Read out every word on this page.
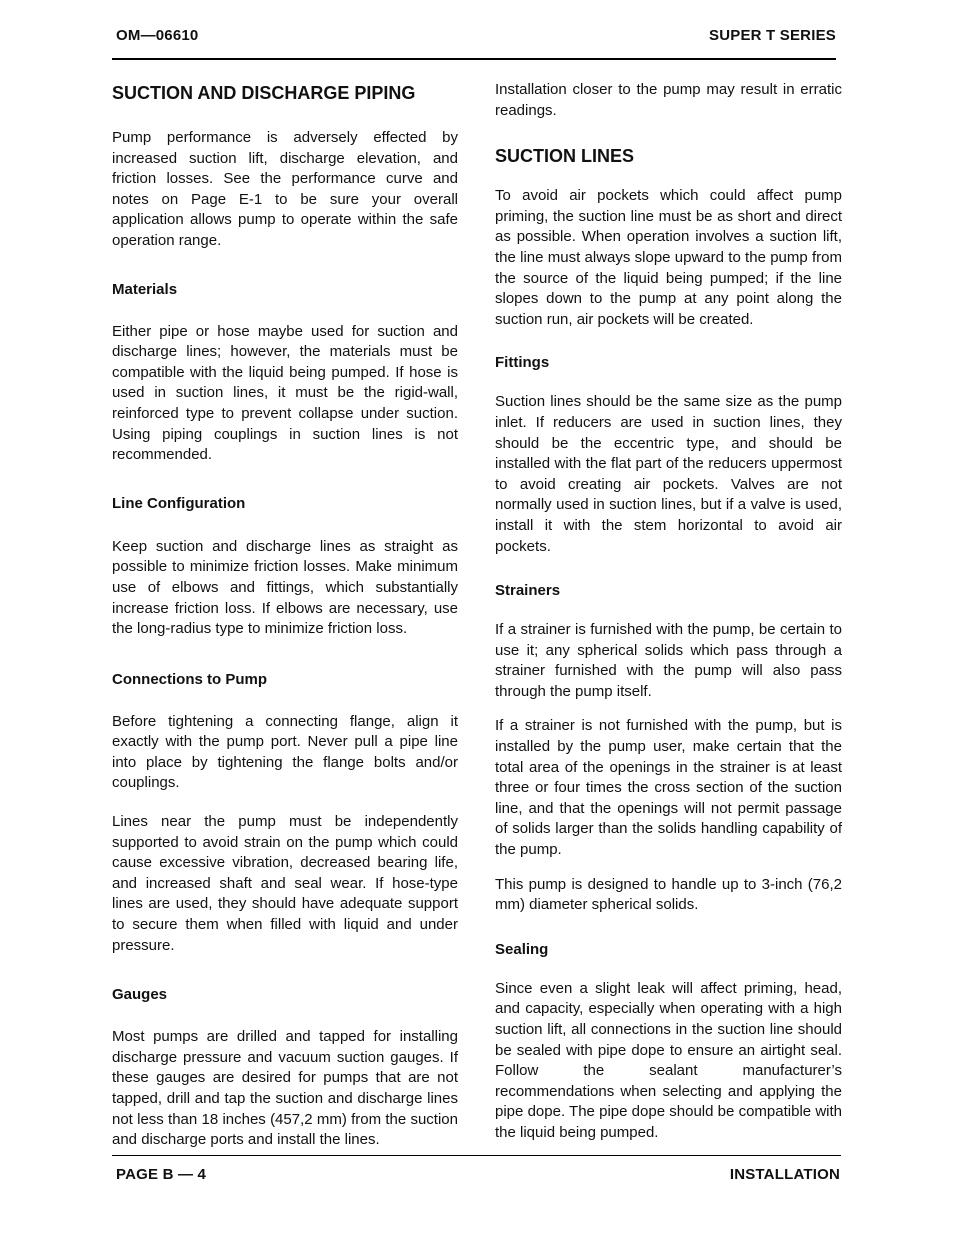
OM—06610	SUPER T SERIES
SUCTION AND DISCHARGE PIPING

Pump performance is adversely effected by increased suction lift, discharge elevation, and friction losses. See the performance curve and notes on Page E-1 to be sure your overall application allows pump to operate within the safe operation range.

Materials

Either pipe or hose maybe used for suction and discharge lines; however, the materials must be compatible with the liquid being pumped. If hose is used in suction lines, it must be the rigid-wall, reinforced type to prevent collapse under suction. Using piping couplings in suction lines is not recommended.

Line Configuration

Keep suction and discharge lines as straight as possible to minimize friction losses. Make minimum use of elbows and fittings, which substantially increase friction loss. If elbows are necessary, use the long-radius type to minimize friction loss.

Connections to Pump

Before tightening a connecting flange, align it exactly with the pump port. Never pull a pipe line into place by tightening the flange bolts and/or couplings.

Lines near the pump must be independently supported to avoid strain on the pump which could cause excessive vibration, decreased bearing life, and increased shaft and seal wear. If hose-type lines are used, they should have adequate support to secure them when filled with liquid and under pressure.

Gauges

Most pumps are drilled and tapped for installing discharge pressure and vacuum suction gauges. If these gauges are desired for pumps that are not tapped, drill and tap the suction and discharge lines not less than 18 inches (457,2 mm) from the suction and discharge ports and install the lines.

Installation closer to the pump may result in erratic readings.

SUCTION LINES

To avoid air pockets which could affect pump priming, the suction line must be as short and direct as possible. When operation involves a suction lift, the line must always slope upward to the pump from the source of the liquid being pumped; if the line slopes down to the pump at any point along the suction run, air pockets will be created.

Fittings

Suction lines should be the same size as the pump inlet. If reducers are used in suction lines, they should be the eccentric type, and should be installed with the flat part of the reducers uppermost to avoid creating air pockets. Valves are not normally used in suction lines, but if a valve is used, install it with the stem horizontal to avoid air pockets.

Strainers

If a strainer is furnished with the pump, be certain to use it; any spherical solids which pass through a strainer furnished with the pump will also pass through the pump itself.

If a strainer is not furnished with the pump, but is installed by the pump user, make certain that the total area of the openings in the strainer is at least three or four times the cross section of the suction line, and that the openings will not permit passage of solids larger than the solids handling capability of the pump.

This pump is designed to handle up to 3-inch (76,2 mm) diameter spherical solids.

Sealing

Since even a slight leak will affect priming, head, and capacity, especially when operating with a high suction lift, all connections in the suction line should be sealed with pipe dope to ensure an airtight seal. Follow the sealant manufacturer’s recommendations when selecting and applying the pipe dope. The pipe dope should be compatible with the liquid being pumped.

PAGE B — 4	INSTALLATION
